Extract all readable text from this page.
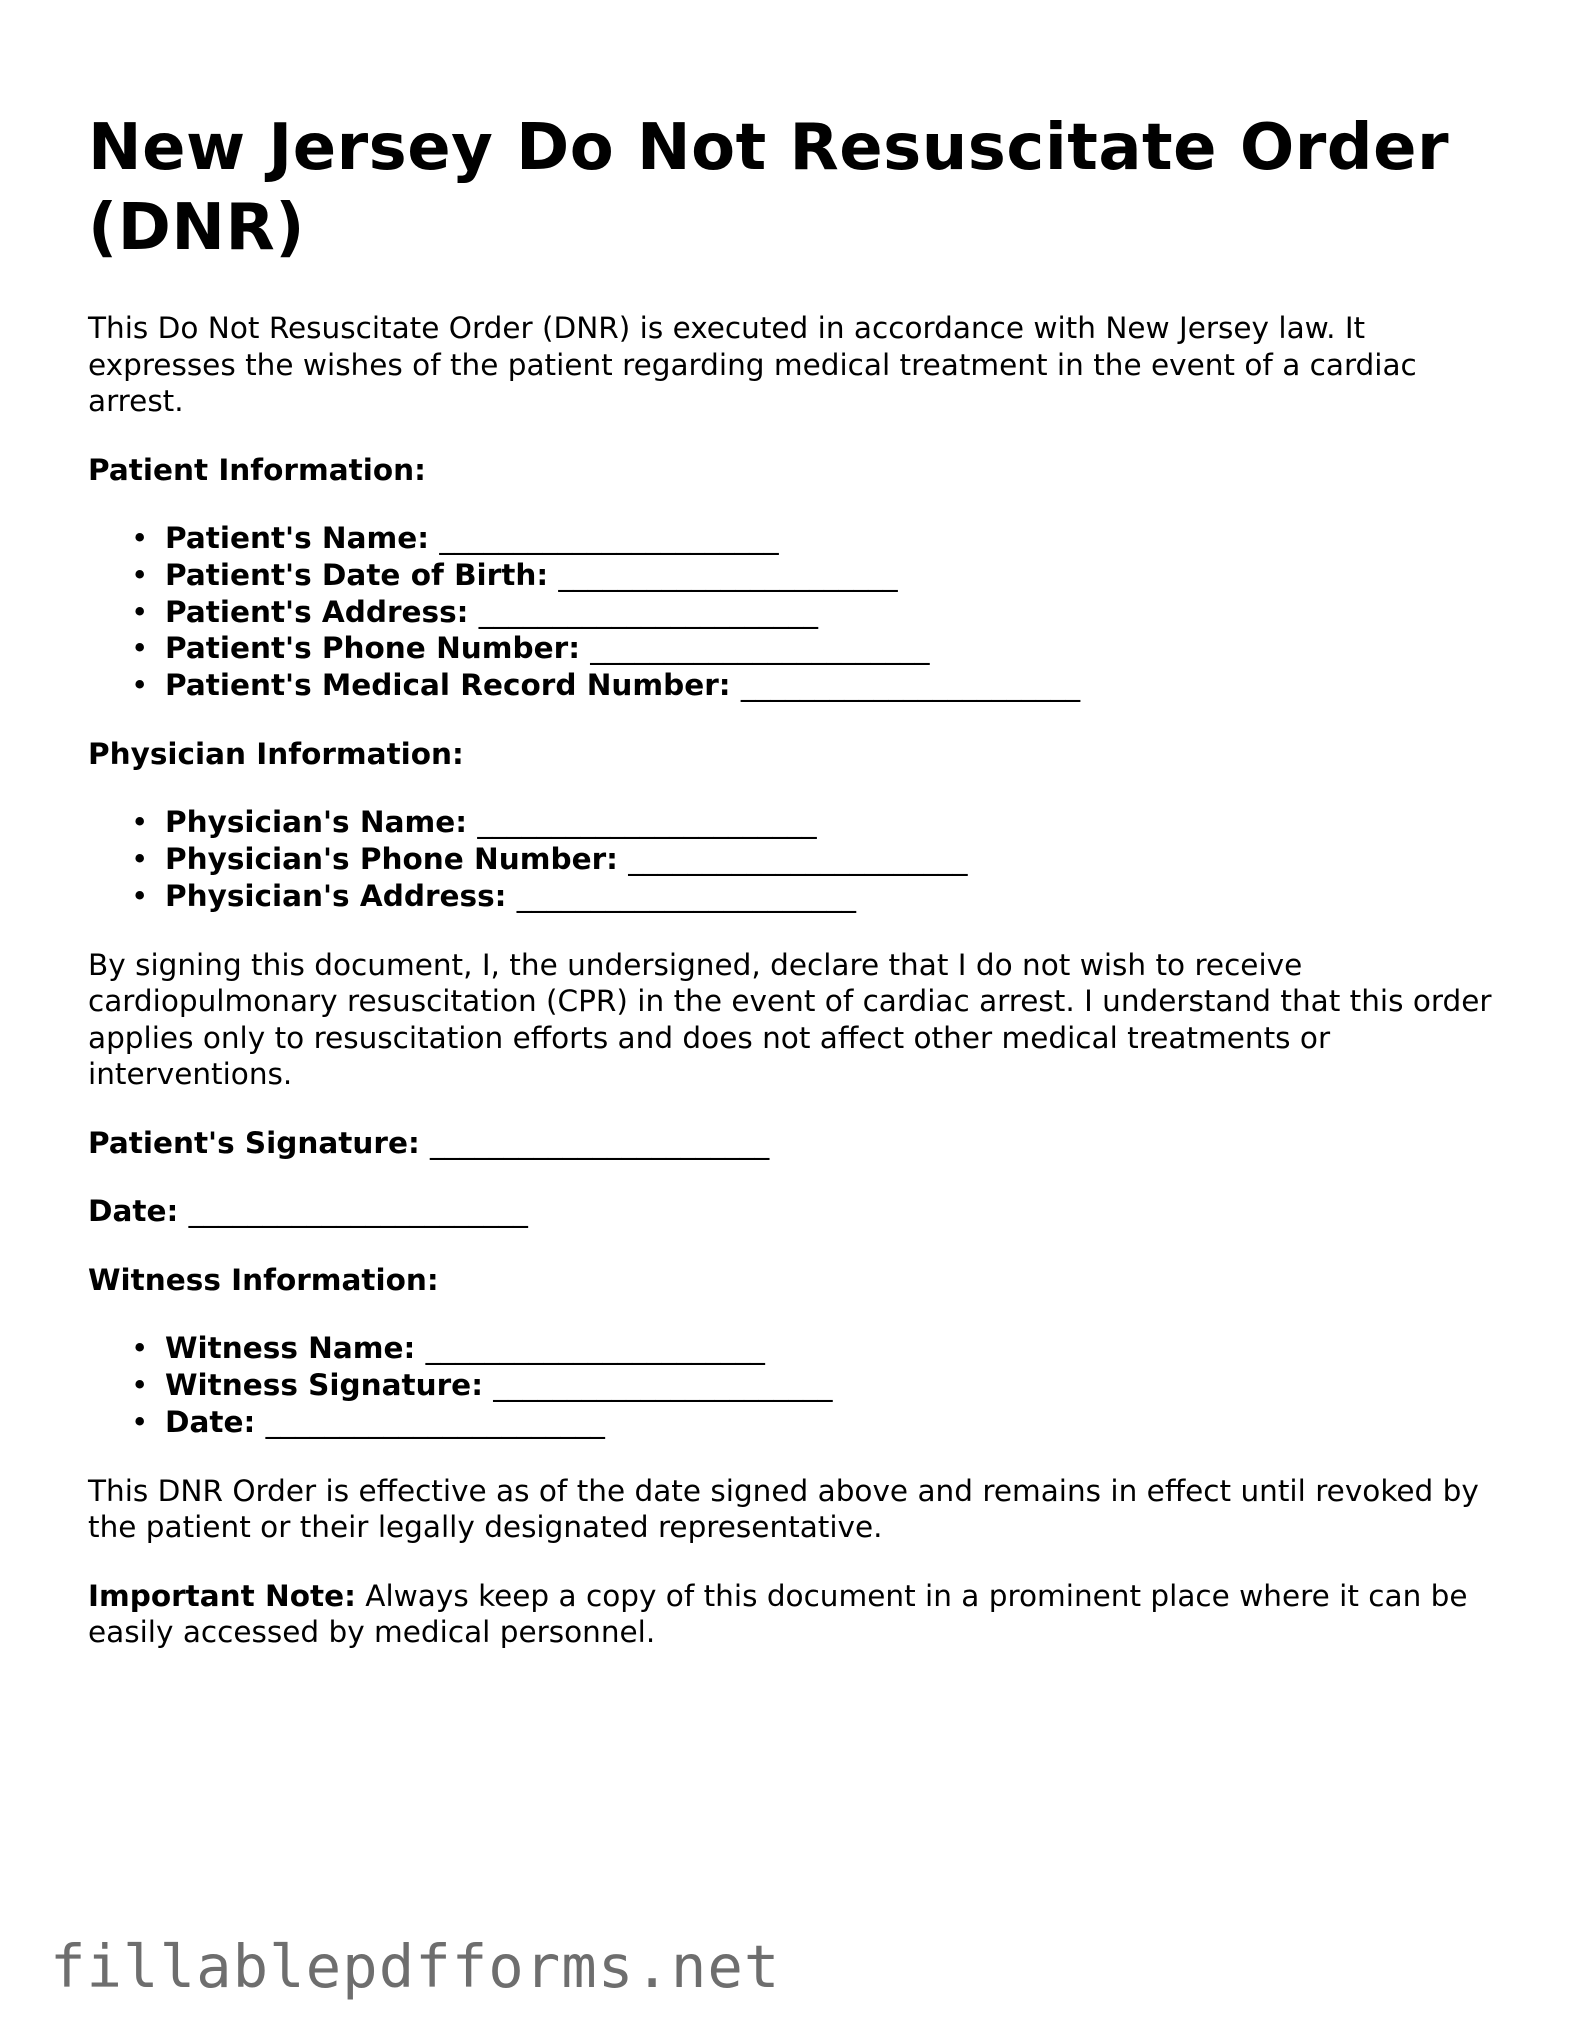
New Jersey Do Not Resuscitate Order (DNR)

This Do Not Resuscitate Order (DNR) is executed in accordance with New Jersey law. It expresses the wishes of the patient regarding medical treatment in the event of a cardiac arrest.

Patient Information:
• Patient's Name: _______________________
• Patient's Date of Birth: _______________________
• Patient's Address: _______________________
• Patient's Phone Number: _______________________
• Patient's Medical Record Number: _______________________
Physician Information:
• Physician's Name: _______________________
• Physician's Phone Number: _______________________
• Physician's Address: _______________________

By signing this document, I, the undersigned, declare that I do not wish to receive cardiopulmonary resuscitation (CPR) in the event of cardiac arrest. I understand that this order applies only to resuscitation efforts and does not affect other medical treatments or interventions.

Patient's Signature: _______________________

Date: _______________________

Witness Information:
• Witness Name: _______________________
• Witness Signature: _______________________
• Date: _______________________

This DNR Order is effective as of the date signed above and remains in effect until revoked by the patient or their legally designated representative.

Important Note: Always keep a copy of this document in a prominent place where it can be easily accessed by medical personnel.

fillablepdfforms.net
